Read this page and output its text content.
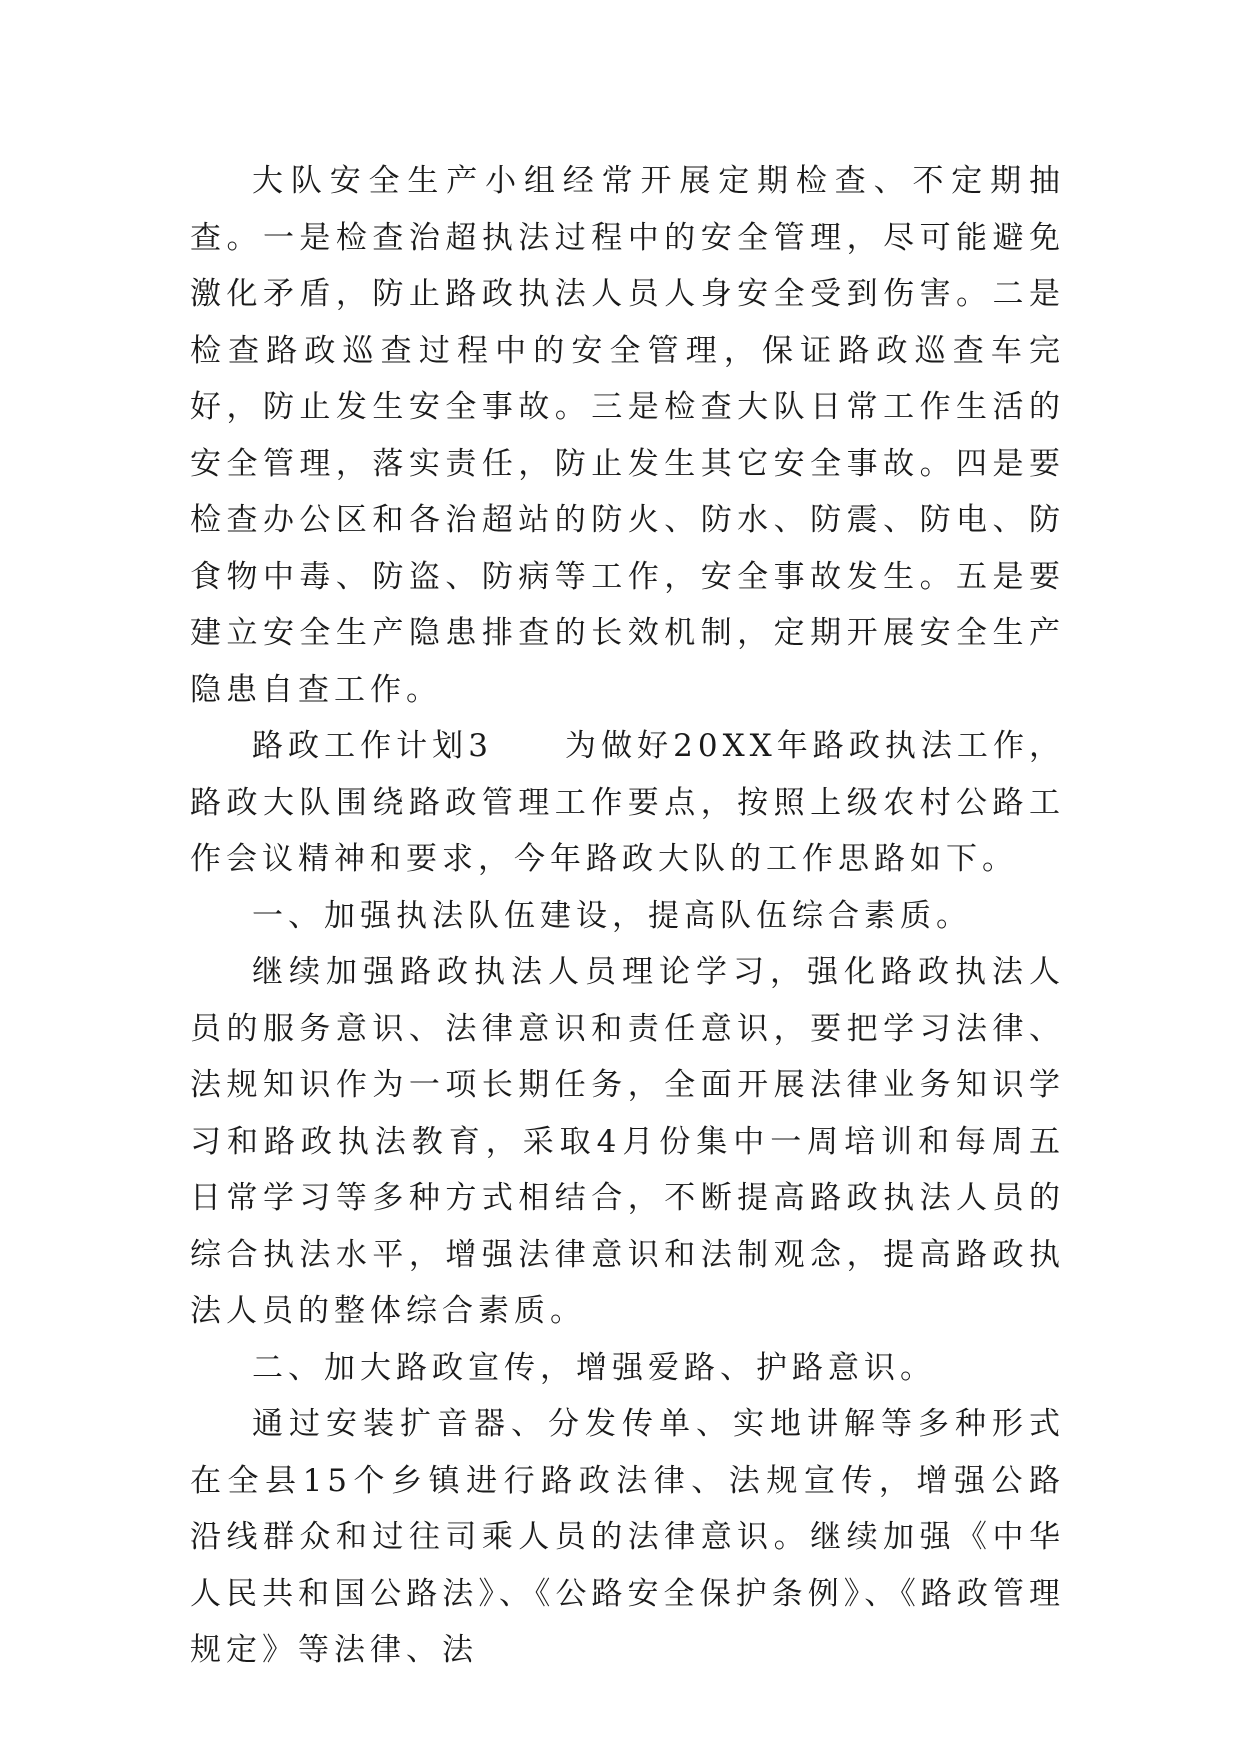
大队安全生产小组经常开展定期检查、不定期抽查。一是检查治超执法过程中的安全管理，尽可能避免激化矛盾，防止路政执法人员人身安全受到伤害。二是检查路政巡查过程中的安全管理，保证路政巡查车完好，防止发生安全事故。三是检查大队日常工作生活的安全管理，落实责任，防止发生其它安全事故。四是要检查办公区和各治超站的防火、防水、防震、防电、防食物中毒、防盗、防病等工作，安全事故发生。五是要建立安全生产隐患排查的长效机制，定期开展安全生产隐患自查工作。

路政工作计划3　　为做好20XX年路政执法工作，路政大队围绕路政管理工作要点，按照上级农村公路工作会议精神和要求，今年路政大队的工作思路如下。

一、加强执法队伍建设，提高队伍综合素质。

继续加强路政执法人员理论学习，强化路政执法人员的服务意识、法律意识和责任意识，要把学习法律、法规知识作为一项长期任务，全面开展法律业务知识学习和路政执法教育，采取4月份集中一周培训和每周五日常学习等多种方式相结合，不断提高路政执法人员的综合执法水平，增强法律意识和法制观念，提高路政执法人员的整体综合素质。

二、加大路政宣传，增强爱路、护路意识。

通过安装扩音器、分发传单、实地讲解等多种形式在全县15个乡镇进行路政法律、法规宣传，增强公路沿线群众和过往司乘人员的法律意识。继续加强《中华人民共和国公路法》、《公路安全保护条例》、《路政管理规定》等法律、法
